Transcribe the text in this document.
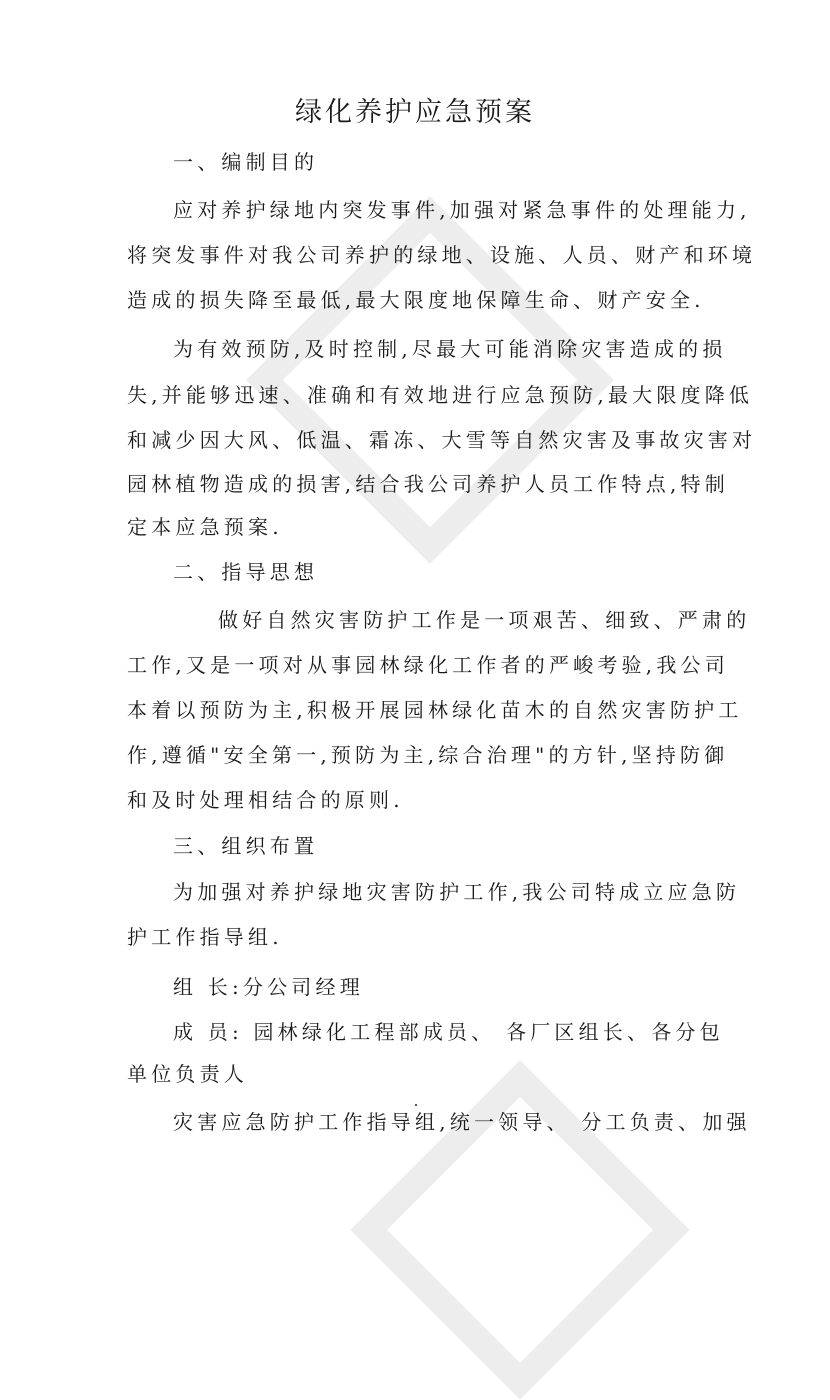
绿化养护应急预案
一、编制目的
应对养护绿地内突发事件,加强对紧急事件的处理能力,
将突发事件对我公司养护的绿地、设施、人员、财产和环境
造成的损失降至最低,最大限度地保障生命、财产安全.
为有效预防,及时控制,尽最大可能消除灾害造成的损
失,并能够迅速、准确和有效地进行应急预防,最大限度降低
和减少因大风、低温、霜冻、大雪等自然灾害及事故灾害对
园林植物造成的损害,结合我公司养护人员工作特点,特制
定本应急预案.
二、指导思想
做好自然灾害防护工作是一项艰苦、细致、严肃的
工作,又是一项对从事园林绿化工作者的严峻考验,我公司
本着以预防为主,积极开展园林绿化苗木的自然灾害防护工
作,遵循"安全第一,预防为主,综合治理"的方针,坚持防御
和及时处理相结合的原则.
三、组织布置
为加强对养护绿地灾害防护工作,我公司特成立应急防
护工作指导组.
组 长:分公司经理
成 员: 园林绿化工程部成员、 各厂区组长、各分包
单位负责人
灾害应急防护工作指导组,统一领导、 分工负责、加强
